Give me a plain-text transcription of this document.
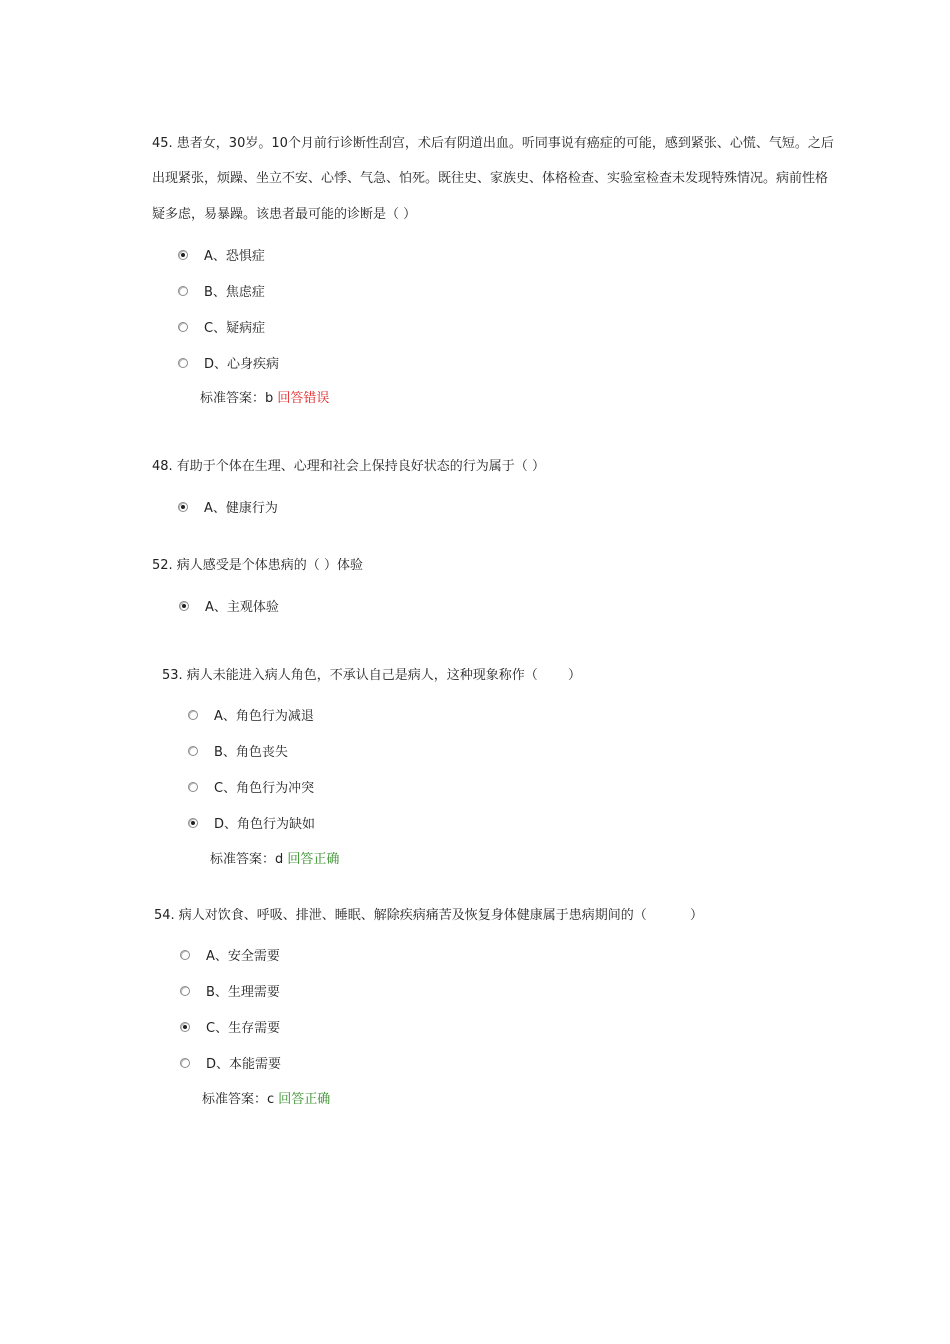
45. 患者女，30岁。10个月前行诊断性刮宫，术后有阴道出血。听同事说有癌症的可能，感到紧张、心慌、气短。之后
出现紧张，烦躁、坐立不安、心悸、气急、怕死。既往史、家族史、体格检查、实验室检查未发现特殊情况。病前性格
疑多虑，易暴躁。该患者最可能的诊断是（ ）
A、恐惧症
B、焦虑症
C、疑病症
D、心身疾病
标准答案：b 回答错误
48. 有助于个体在生理、心理和社会上保持良好状态的行为属于（ ）
A、健康行为
52. 病人感受是个体患病的（ ）体验
A、主观体验
53. 病人未能进入病人角色，不承认自己是病人，这种现象称作（　　 ）
A、角色行为减退
B、角色丧失
C、角色行为冲突
D、角色行为缺如
标准答案：d 回答正确
54. 病人对饮食、呼吸、排泄、睡眠、解除疾病痛苦及恢复身体健康属于患病期间的（　　　 ）
A、安全需要
B、生理需要
C、生存需要
D、本能需要
标准答案：c 回答正确
